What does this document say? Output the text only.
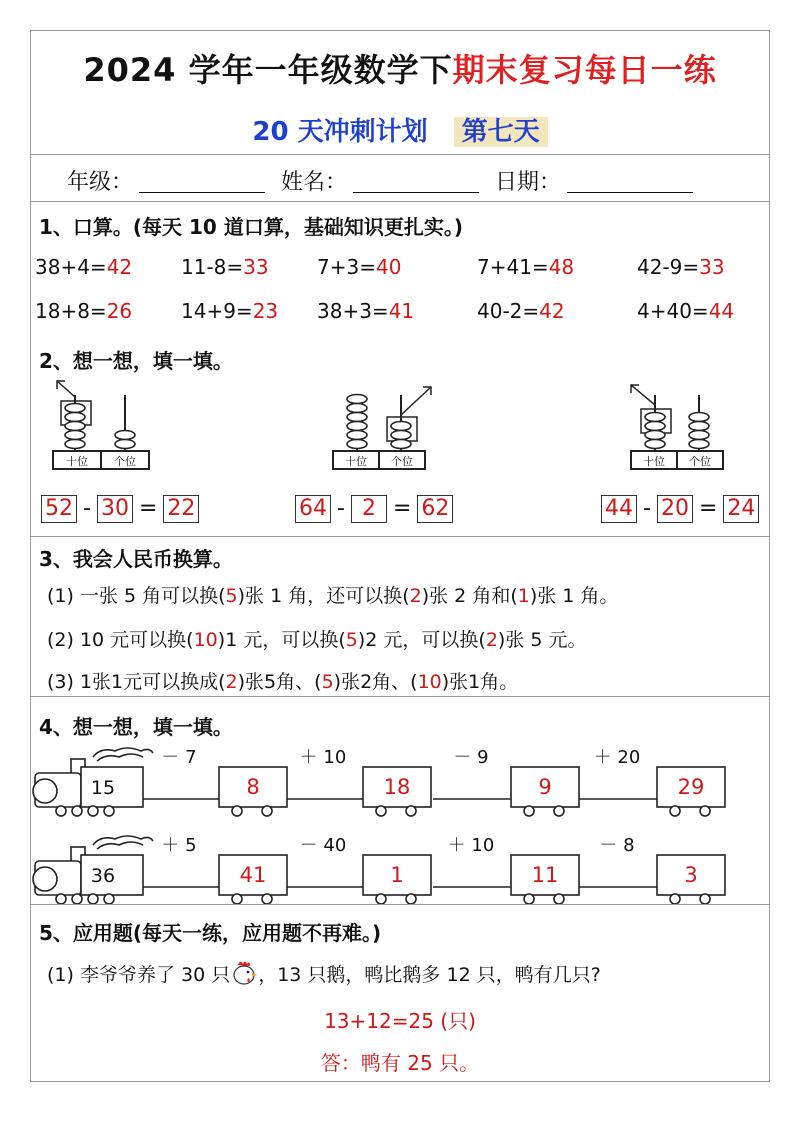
2024 学年一年级数学下期末复习每日一练
20 天冲刺计划 第七天
年级：	姓名：	日期：
1、口算。(每天 10 道口算，基础知识更扎实。)
38+4=42 11-8=33 7+3=40	7+41=48	42-9=33
18+8=26 14+9=23 38+3=41	40-2=42	4+40=44
2、想一想，填一填。
十位 个位	十位 个位	十位 个位
52 - 30 = 22	64 - 2 = 62	44 - 20 = 24
3、我会人民币换算。
(1) 一张 5 角可以换(5)张 1 角，还可以换(2)张 2 角和(1)张 1 角。
(2) 10 元可以换(10)1 元，可以换(5)2 元，可以换(2)张 5 元。
(3) 1张1元可以换成(2)张5角、(5)张2角、(10)张1角。
4、想一想，填一填。
15
－ 7	＋ 10	－ 9	＋ 20
8	18	9	29
36
＋ 5	－ 40	＋ 10	－ 8
41	1	11	3
5、应用题(每天一练，应用题不再难。)
(1) 李爷爷养了 30 只 ，13 只鹅，鸭比鹅多 12 只，鸭有几只?
13+12=25 (只)
答：鸭有 25 只。
